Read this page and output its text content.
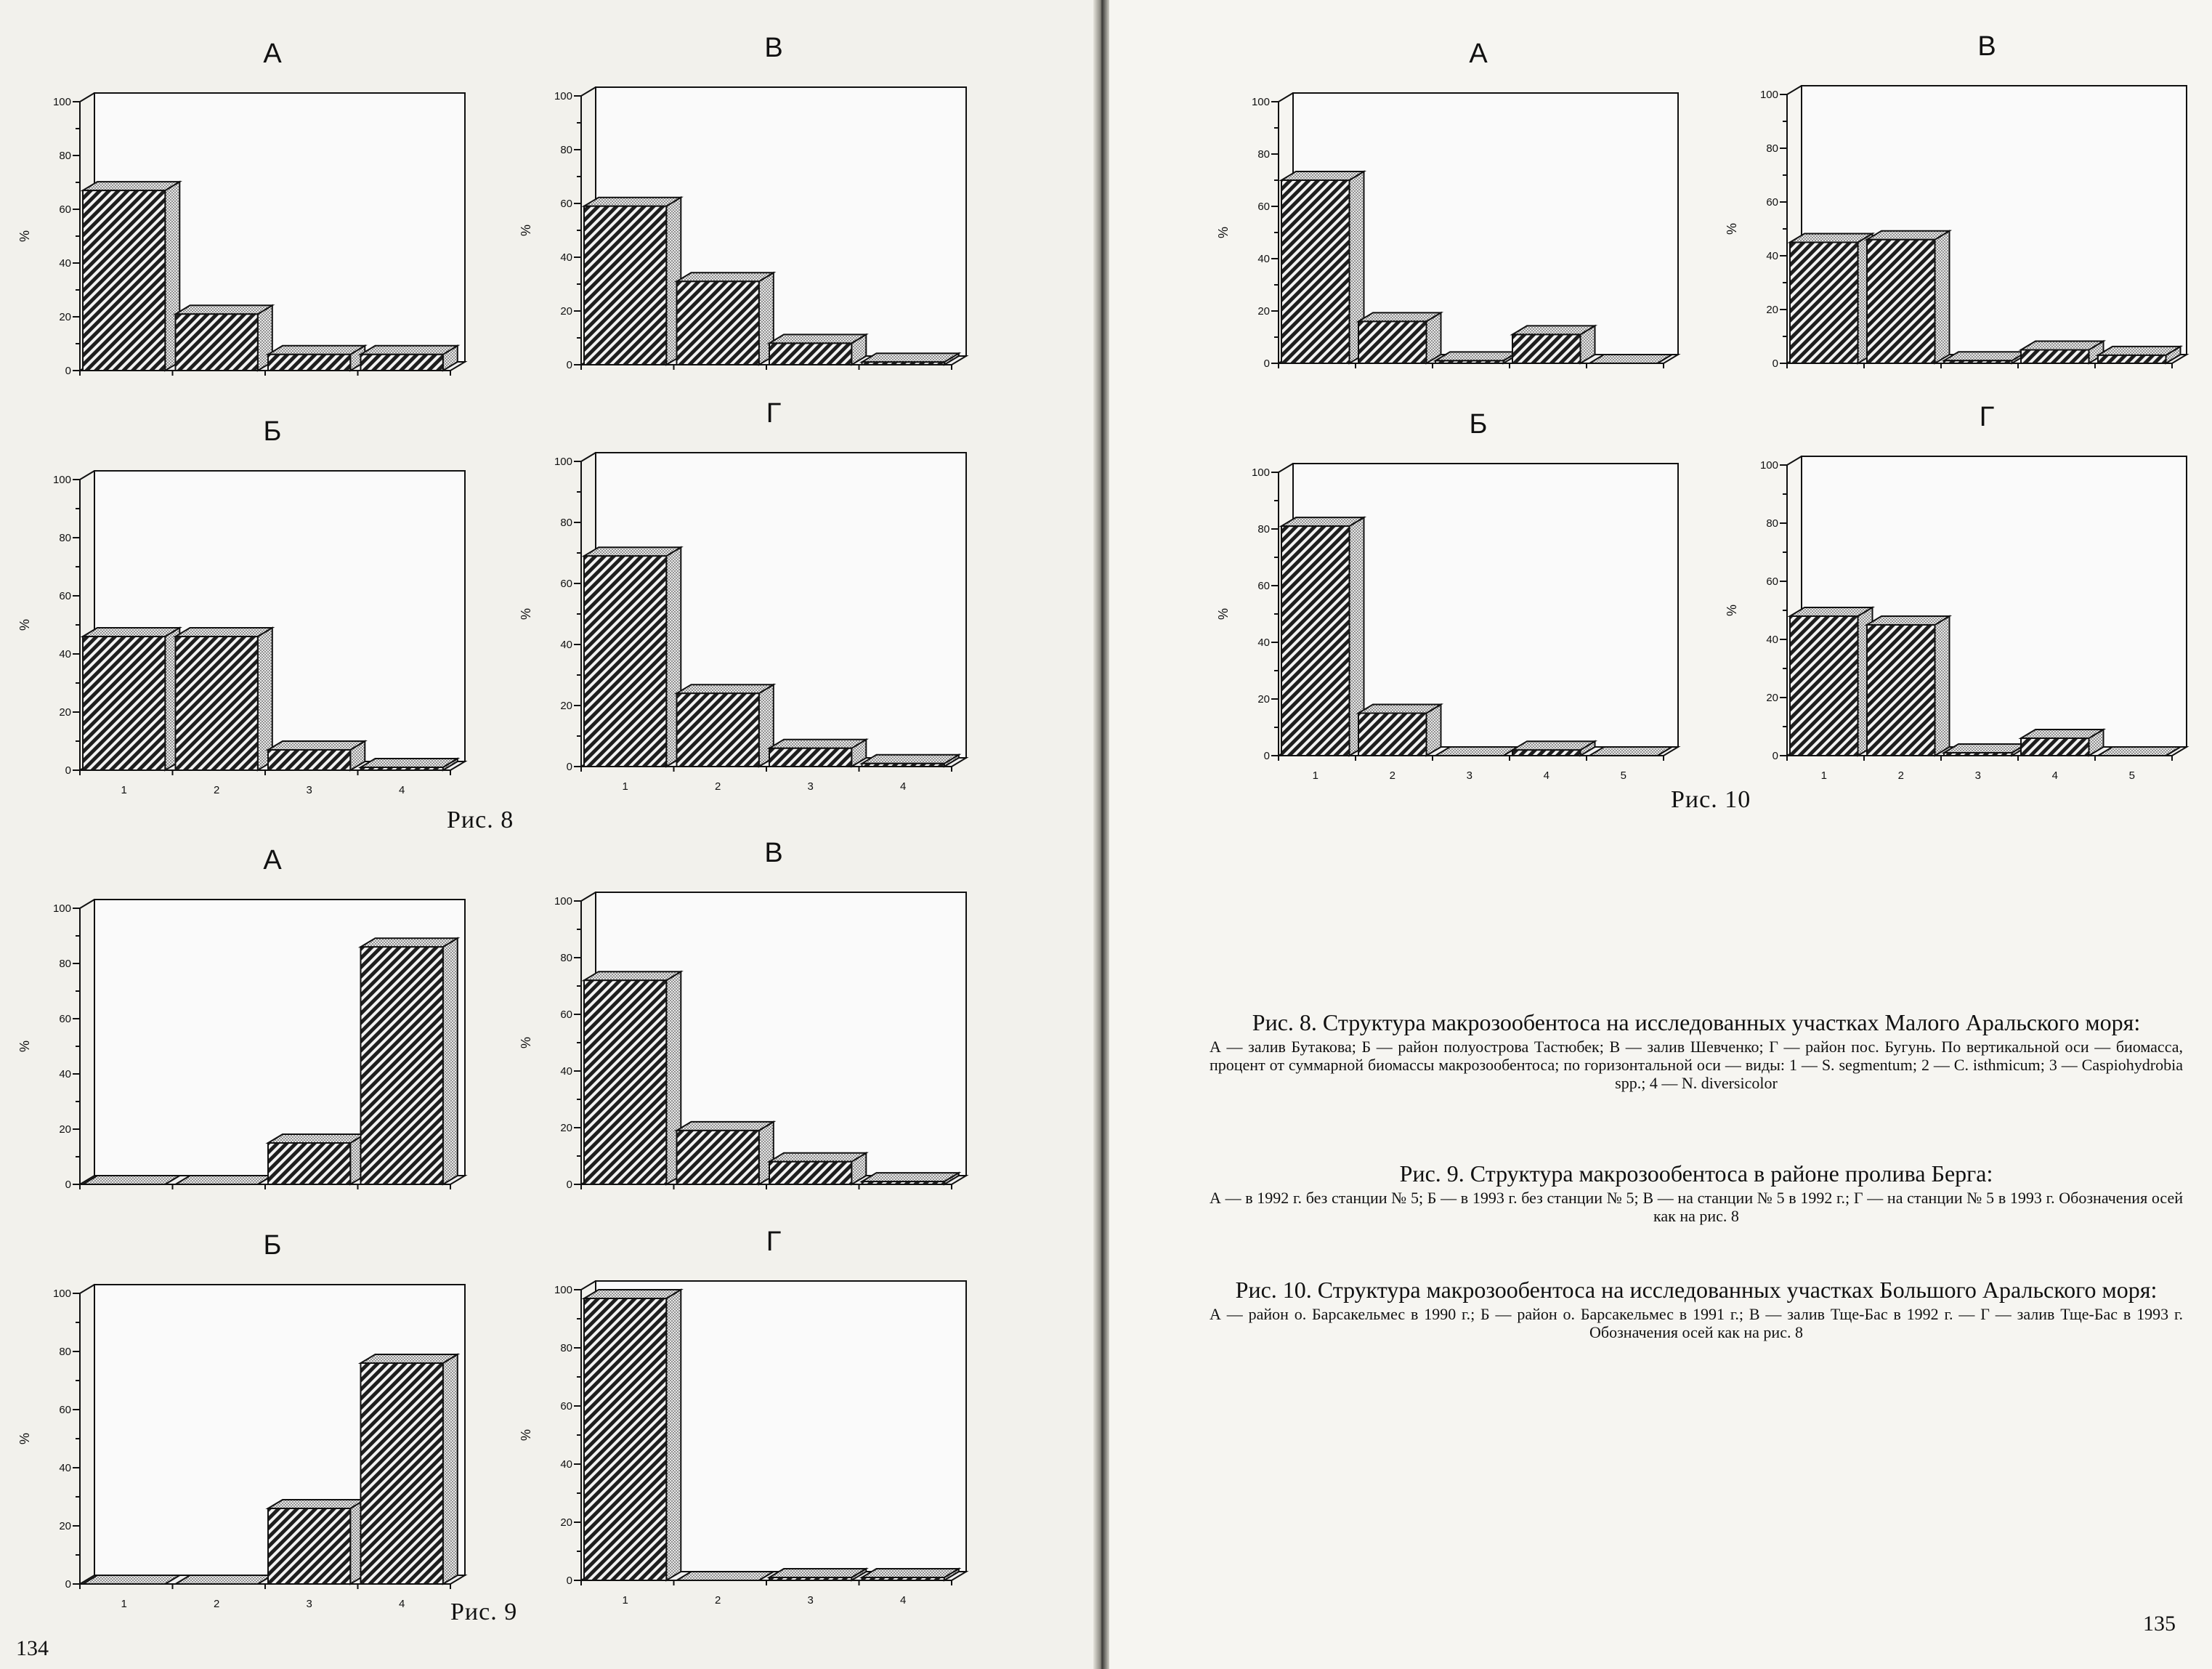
А
0
20
40
60
80
100
%
В
0
20
40
60
80
100
%
Б
0
20
40
60
80
100
%
1	2	3	4
Г
0
20
40
60
80
100
%
1	2	3	4
А
0
20
40
60
80
100
%
В
0
20
40
60
80
100
%
Б
0
20
40
60
80
100
%
1	2	3	4
Г
0
20
40
60
80
100
%
1	2	3	4
А
0
20
40
60
80
100
%
В
0
20
40
60
80
100
%
Б
0
20
40
60
80
100
%
1	2	3	4	5
Г
0
20
40
60
80
100
%
1	2	3	4	5
Рис. 8
Рис. 9
Рис. 10
Рис. 8. Структура макрозообентоса на исследованных участках Малого Аральского моря:
А — залив Бутакова; Б — район полуострова Тастюбек; В — залив Шевченко; Г — район пос. Бугунь. По вертикальной оси — биомасса, процент от суммарной биомассы макрозообентоса; по горизонтальной оси — виды: 1 — S. segmentum; 2 — C. isthmicum; 3 — Caspiohydrobia spp.; 4 — N. diversicolor
Рис. 9. Структура макрозообентоса в районе пролива Берга:
А — в 1992 г. без станции № 5; Б — в 1993 г. без станции № 5; В — на станции № 5 в 1992 г.; Г — на станции № 5 в 1993 г. Обозначения осей как на рис. 8
Рис. 10. Структура макрозообентоса на исследованных участках Большого Аральского моря:
А — район о. Барсакельмес в 1990 г.; Б — район о. Барсакельмес в 1991 г.; В — залив Тще-Бас в 1992 г. — Г — залив Тще-Бас в 1993 г. Обозначения осей как на рис. 8
134
135
